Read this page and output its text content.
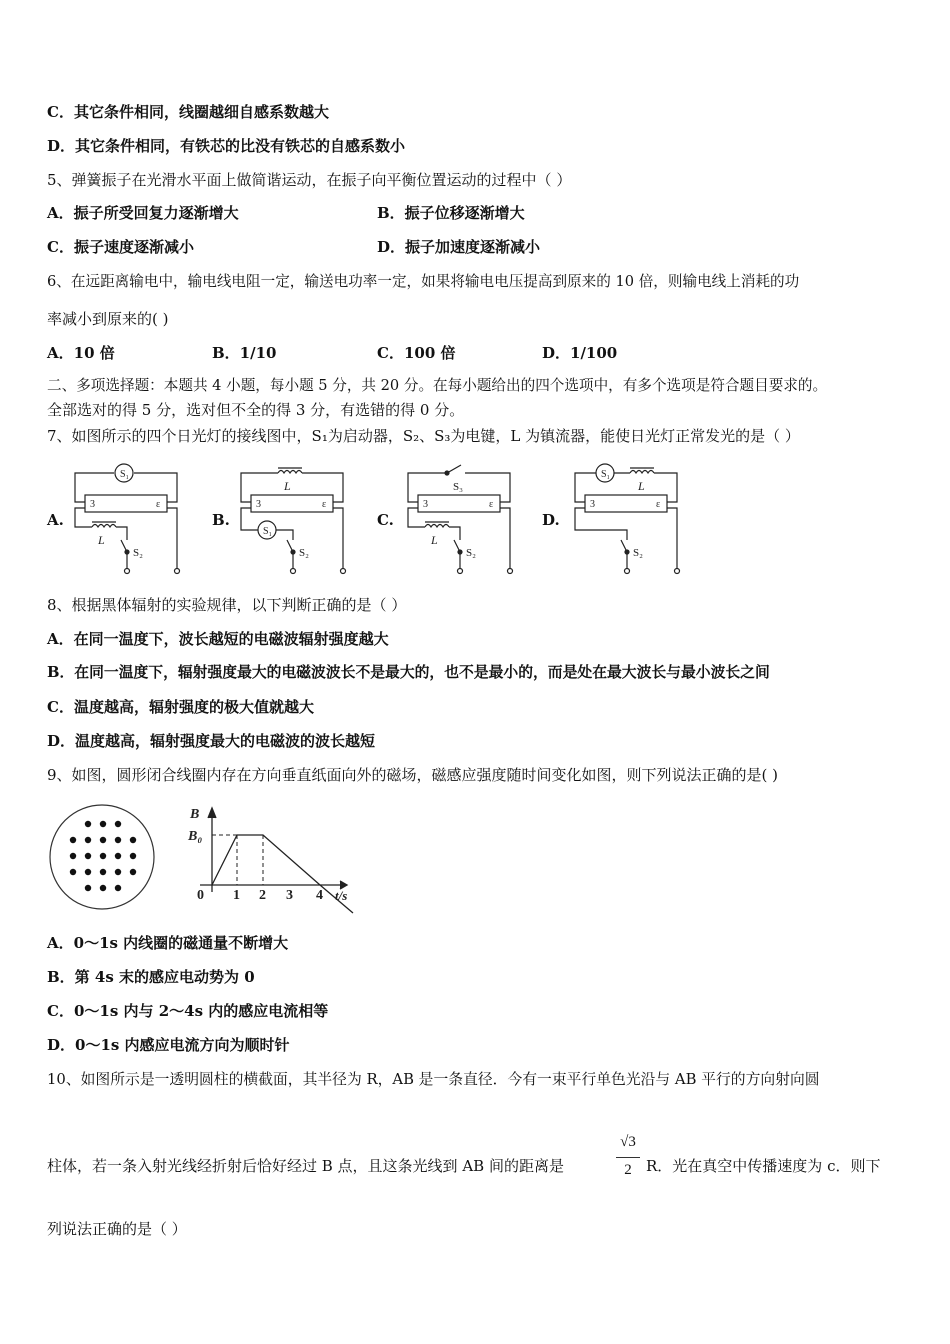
C．其它条件相同，线圈越细自感系数越大
D．其它条件相同，有铁芯的比没有铁芯的自感系数小
5、弹簧振子在光滑水平面上做简谐运动，在振子向平衡位置运动的过程中（ ）
A．振子所受回复力逐渐增大	B．振子位移逐渐增大
C．振子速度逐渐减小	D．振子加速度逐渐减小
6、在远距离输电中，输电线电阻一定，输送电功率一定，如果将输电电压提高到原来的 10 倍，则输电线上消耗的功
率减小到原来的( )
A．10 倍	B．1/10	C．100 倍	D．1/100
二、多项选择题：本题共 4 小题，每小题 5 分，共 20 分。在每小题给出的四个选项中，有多个选项是符合题目要求的。
全部选对的得 5 分，选对但不全的得 3 分，有选错的得 0 分。
7、如图所示的四个日光灯的接线图中，S₁为启动器，S₂、S₃为电键，L 为镇流器，能使日光灯正常发光的是（ ）
A.	B.	C.	D.
S₁
L
S₂
3	ε
L
S₁
S₂
3	ε
S₃
L
S₂
3	ε
S₁
L
S₂
3	ε
8、根据黑体辐射的实验规律，以下判断正确的是（ ）
A．在同一温度下，波长越短的电磁波辐射强度越大
B．在同一温度下，辐射强度最大的电磁波波长不是最大的，也不是最小的，而是处在最大波长与最小波长之间
C．温度越高，辐射强度的极大值就越大
D．温度越高，辐射强度最大的电磁波的波长越短
9、如图，圆形闭合线圈内存在方向垂直纸面向外的磁场，磁感应强度随时间变化如图，则下列说法正确的是( )
B
B₀
0 1 2 3 4 t/s
A．0～1s 内线圈的磁通量不断增大
B．第 4s 末的感应电动势为 0
C．0～1s 内与 2～4s 内的感应电流相等
D．0～1s 内感应电流方向为顺时针
10、如图所示是一透明圆柱的横截面，其半径为 R，AB 是一条直径．今有一束平行单色光沿与 AB 平行的方向射向圆
柱体，若一条入射光线经折射后恰好经过 B 点，且这条光线到 AB 间的距离是
√3
2 R．光在真空中传播速度为 c．则下
列说法正确的是（ ）
